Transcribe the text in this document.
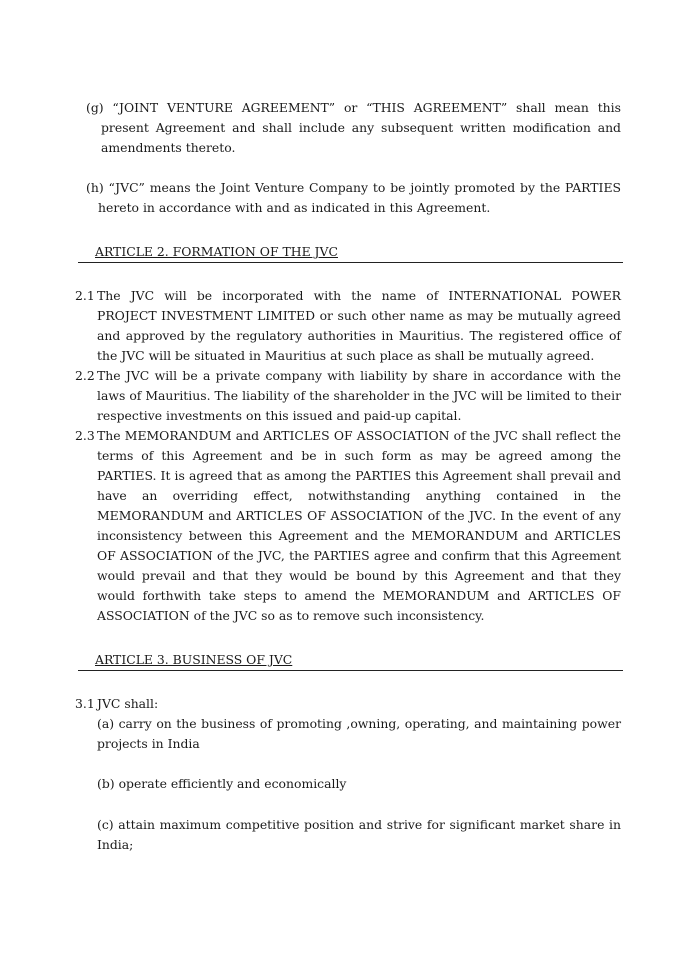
(g) “JOINT VENTURE AGREEMENT” or “THIS AGREEMENT” shall mean this present Agreement and shall include any subsequent written modification and amendments thereto.
(h) “JVC” means the Joint Venture Company to be jointly promoted by the PARTIES hereto in accordance with and as indicated in this Agreement.
ARTICLE 2. FORMATION OF THE JVC
2.1 The JVC will be incorporated with the name of INTERNATIONAL POWER PROJECT INVESTMENT LIMITED or such other name as may be mutually agreed and approved by the regulatory authorities in Mauritius. The registered office of the JVC will be situated in Mauritius at such place as shall be mutually agreed.
2.2 The JVC will be a private company with liability by share in accordance with the laws of Mauritius. The liability of the shareholder in the JVC will be limited to their respective investments on this issued and paid-up capital.
2.3 The MEMORANDUM and ARTICLES OF ASSOCIATION of the JVC shall reflect the terms of this Agreement and be in such form as may be agreed among the PARTIES. It is agreed that as among the PARTIES this Agreement shall prevail and have an overriding effect, notwithstanding anything contained in the MEMORANDUM and ARTICLES OF ASSOCIATION of the JVC. In the event of any inconsistency between this Agreement and the MEMORANDUM and ARTICLES OF ASSOCIATION of the JVC, the PARTIES agree and confirm that this Agreement would prevail and that they would be bound by this Agreement and that they would forthwith take steps to amend the MEMORANDUM and ARTICLES OF ASSOCIATION of the JVC so as to remove such inconsistency.
ARTICLE 3. BUSINESS OF JVC
3.1 JVC shall:
(a) carry on the business of promoting ,owning, operating, and maintaining power projects in India
(b) operate efficiently and economically
(c) attain maximum competitive position and strive for significant market share in India;
